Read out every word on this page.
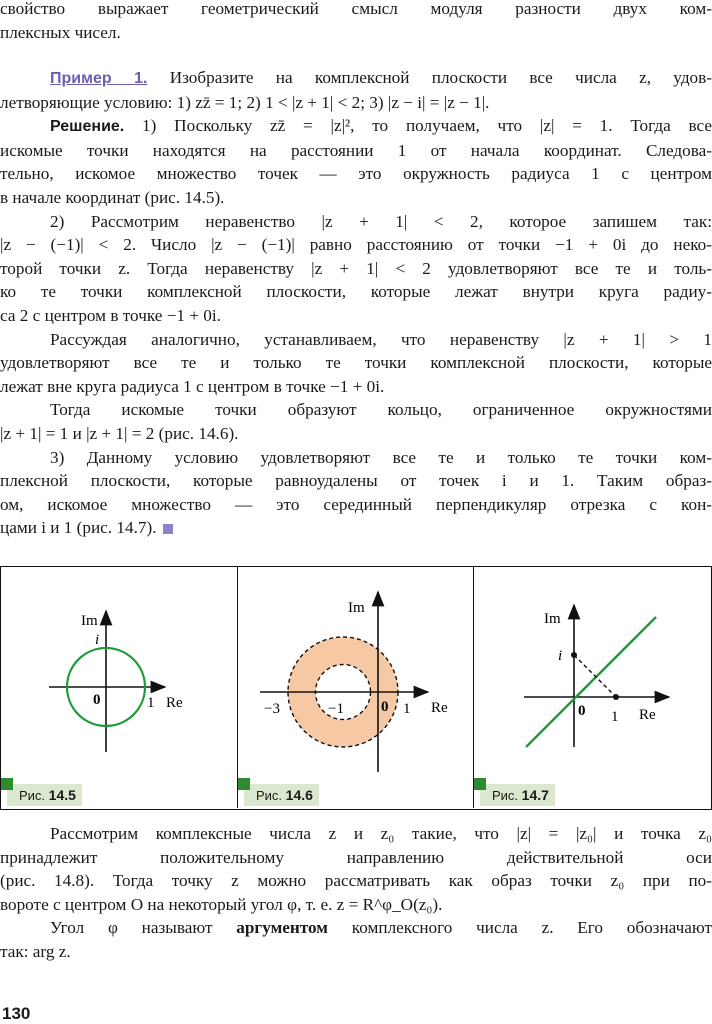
свойство выражает геометрический смысл модуля разности двух ком-

плексных чисел.

Пример 1. Изобразите на комплексной плоскости все числа z, удов-

летворяющие условию: 1) zz̄ = 1; 2) 1 < |z + 1| < 2; 3) |z − i| = |z − 1|.

Решение. 1) Поскольку zz̄ = |z|², то получаем, что |z| = 1. Тогда все

искомые точки находятся на расстоянии 1 от начала координат. Следова-

тельно, искомое множество точек — это окружность радиуса 1 с центром

в начале координат (рис. 14.5).

2) Рассмотрим неравенство |z + 1| < 2, которое запишем так:

|z − (−1)| < 2. Число |z − (−1)| равно расстоянию от точки −1 + 0i до неко-

торой точки z. Тогда неравенству |z + 1| < 2 удовлетворяют все те и толь-

ко те точки комплексной плоскости, которые лежат внутри круга радиу-

са 2 с центром в точке −1 + 0i.

Рассуждая аналогично, устанавливаем, что неравенству |z + 1| > 1

удовлетворяют все те и только те точки комплексной плоскости, которые

лежат вне круга радиуса 1 с центром в точке −1 + 0i.

Тогда искомые точки образуют кольцо, ограниченное окружностями

|z + 1| = 1 и |z + 1| = 2 (рис. 14.6).

3) Данному условию удовлетворяют все те и только те точки ком-

плексной плоскости, которые равноудалены от точек i и 1. Таким образ-

ом, искомое множество — это серединный перпендикуляр отрезка с кон-

цами i и 1 (рис. 14.7).

Im
Re
i
0	1
Рис. 14.5
Im
Re
−3	−1 0 1
Рис. 14.6
Im
Re
i
0 1
Рис. 14.7

Рассмотрим комплексные числа z и z₀ такие, что |z| = |z₀| и точка z₀

принадлежит положительному направлению действительной оси

(рис. 14.8). Тогда точку z можно рассматривать как образ точки z₀ при по-

вороте с центром O на некоторый угол φ, т. е. z = R^φ_O(z₀).

Угол φ называют аргументом комплексного числа z. Его обозначают

так: arg z.

130
